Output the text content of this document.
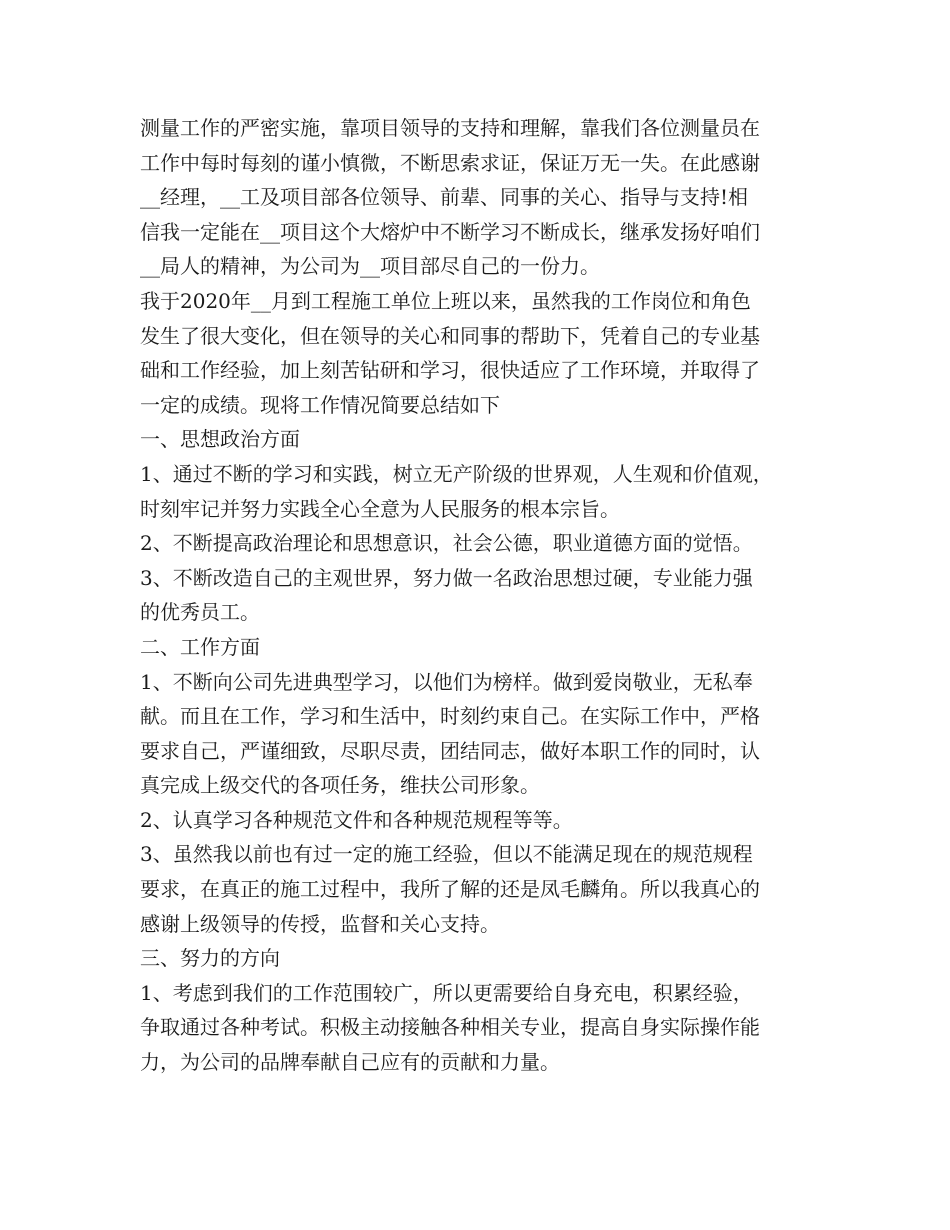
测量工作的严密实施，靠项目领导的支持和理解，靠我们各位测量员在
工作中每时每刻的谨小慎微，不断思索求证，保证万无一失。在此感谢
__经理，__工及项目部各位领导、前辈、同事的关心、指导与支持!相
信我一定能在__项目这个大熔炉中不断学习不断成长，继承发扬好咱们
__局人的精神，为公司为__项目部尽自己的一份力。
我于2020年__月到工程施工单位上班以来，虽然我的工作岗位和角色
发生了很大变化，但在领导的关心和同事的帮助下，凭着自己的专业基
础和工作经验，加上刻苦钻研和学习，很快适应了工作环境，并取得了
一定的成绩。现将工作情况简要总结如下
一、思想政治方面
1、通过不断的学习和实践，树立无产阶级的世界观，人生观和价值观，
时刻牢记并努力实践全心全意为人民服务的根本宗旨。
2、不断提高政治理论和思想意识，社会公德，职业道德方面的觉悟。
3、不断改造自己的主观世界，努力做一名政治思想过硬，专业能力强
的优秀员工。
二、工作方面
1、不断向公司先进典型学习，以他们为榜样。做到爱岗敬业，无私奉
献。而且在工作，学习和生活中，时刻约束自己。在实际工作中，严格
要求自己，严谨细致，尽职尽责，团结同志，做好本职工作的同时，认
真完成上级交代的各项任务，维扶公司形象。
2、认真学习各种规范文件和各种规范规程等等。
3、虽然我以前也有过一定的施工经验，但以不能满足现在的规范规程
要求，在真正的施工过程中，我所了解的还是凤毛麟角。所以我真心的
感谢上级领导的传授，监督和关心支持。
三、努力的方向
1、考虑到我们的工作范围较广，所以更需要给自身充电，积累经验，
争取通过各种考试。积极主动接触各种相关专业，提高自身实际操作能
力，为公司的品牌奉献自己应有的贡献和力量。
